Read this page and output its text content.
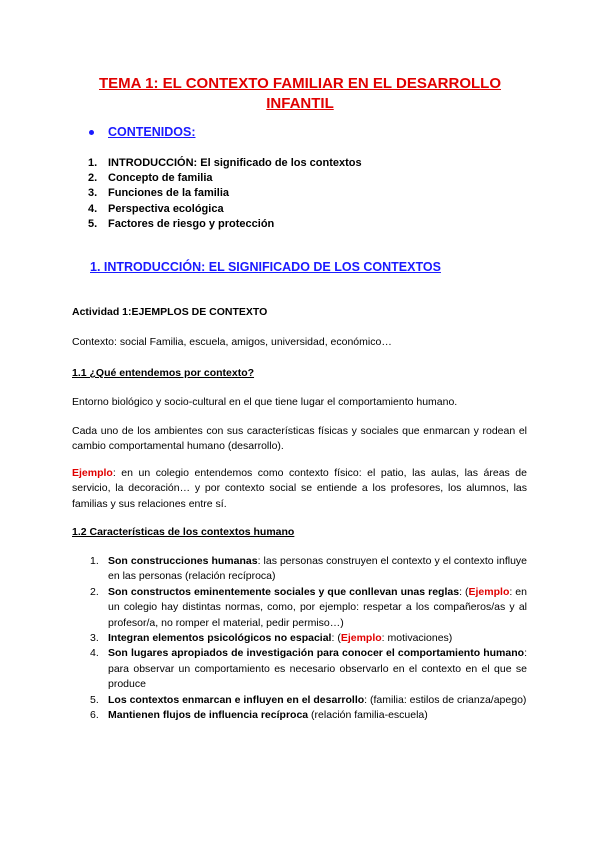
TEMA 1: EL CONTEXTO FAMILIAR EN EL DESARROLLO
INFANTIL
CONTENIDOS:
1. INTRODUCCIÓN: El significado de los contextos
2. Concepto de familia
3. Funciones de la familia
4. Perspectiva ecológica
5. Factores de riesgo y protección
1. INTRODUCCIÓN: EL SIGNIFICADO DE LOS CONTEXTOS
Actividad 1:EJEMPLOS DE CONTEXTO
Contexto: social Familia, escuela, amigos, universidad, económico…
1.1 ¿Qué entendemos por contexto?
Entorno biológico y socio-cultural en el que tiene lugar el comportamiento humano.
Cada uno de los ambientes con sus características físicas y sociales que enmarcan y rodean el cambio comportamental humano (desarrollo).
Ejemplo: en un colegio entendemos como contexto físico: el patio, las aulas, las áreas de servicio, la decoración… y por contexto social se entiende a los profesores, los alumnos, las familias y sus relaciones entre sí.
1.2 Características de los contextos humano
1. Son construcciones humanas: las personas construyen el contexto y el contexto influye en las personas (relación recíproca)
2. Son constructos eminentemente sociales y que conllevan unas reglas: (Ejemplo: en un colegio hay distintas normas, como, por ejemplo: respetar a los compañeros/as y al profesor/a, no romper el material, pedir permiso…)
3. Integran elementos psicológicos no espacial: (Ejemplo: motivaciones)
4. Son lugares apropiados de investigación para conocer el comportamiento humano: para observar un comportamiento es necesario observarlo en el contexto en el que se produce
5. Los contextos enmarcan e influyen en el desarrollo: (familia: estilos de crianza/apego)
6. Mantienen flujos de influencia recíproca (relación familia-escuela)
